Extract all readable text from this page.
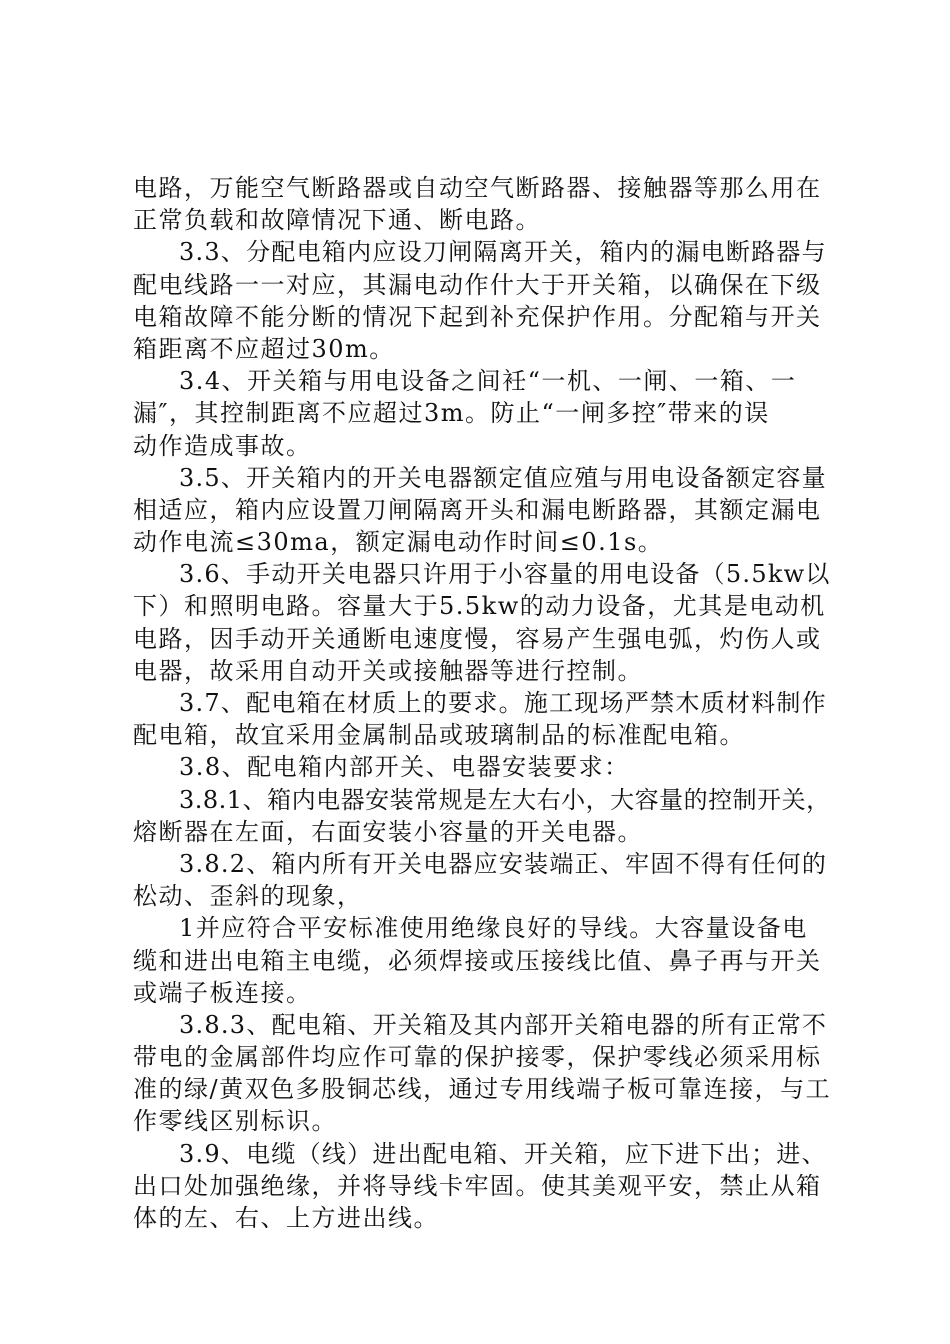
电路，万能空气断路器或自动空气断路器、接触器等那么用在
正常负载和故障情况下通、断电路。
3.3、分配电箱内应设刀闸隔离开关，箱内的漏电断路器与
配电线路一一对应，其漏电动作什大于开关箱，以确保在下级
电箱故障不能分断的情况下起到补充保护作用。分配箱与开关
箱距离不应超过30m。
3.4、开关箱与用电设备之间衽“一机、一闸、一箱、一
漏″，其控制距离不应超过3m。防止“一闸多控″带来的误
动作造成事故。
3.5、开关箱内的开关电器额定值应殖与用电设备额定容量
相适应，箱内应设置刀闸隔离开头和漏电断路器，其额定漏电
动作电流≤30ma，额定漏电动作时间≤0.1s。
3.6、手动开关电器只许用于小容量的用电设备（5.5kw以
下）和照明电路。容量大于5.5kw的动力设备，尤其是电动机
电路，因手动开关通断电速度慢，容易产生强电弧，灼伤人或
电器，故采用自动开关或接触器等进行控制。
3.7、配电箱在材质上的要求。施工现场严禁木质材料制作
配电箱，故宜采用金属制品或玻璃制品的标准配电箱。
3.8、配电箱内部开关、电器安装要求：
3.8.1、箱内电器安装常规是左大右小，大容量的控制开关，
熔断器在左面，右面安装小容量的开关电器。
3.8.2、箱内所有开关电器应安装端正、牢固不得有任何的
松动、歪斜的现象，
1并应符合平安标准使用绝缘良好的导线。大容量设备电
缆和进出电箱主电缆，必须焊接或压接线比值、鼻子再与开关
或端子板连接。
3.8.3、配电箱、开关箱及其内部开关箱电器的所有正常不
带电的金属部件均应作可靠的保护接零，保护零线必须采用标
准的绿/黄双色多股铜芯线，通过专用线端子板可靠连接，与工
作零线区别标识。
3.9、电缆（线）进出配电箱、开关箱，应下进下出；进、
出口处加强绝缘，并将导线卡牢固。使其美观平安，禁止从箱
体的左、右、上方进出线。
